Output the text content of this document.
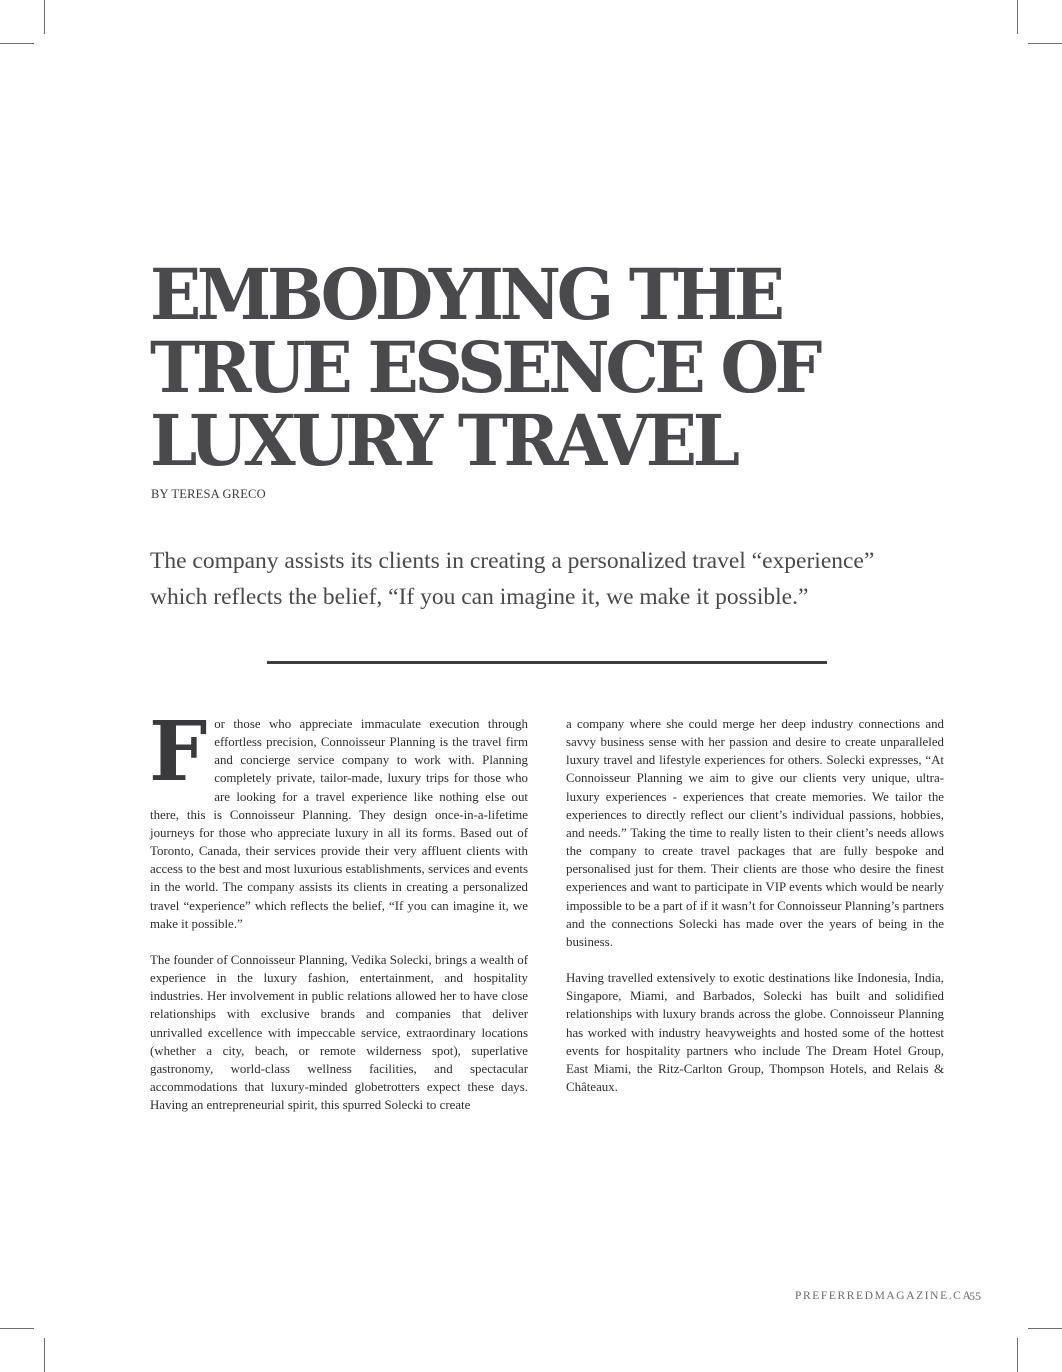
EMBODYING THE
TRUE ESSENCE OF
LUXURY TRAVEL
BY TERESA GRECO

The company assists its clients in creating a personalized travel “experience” which reflects the belief, “If you can imagine it, we make it possible.”

For those who appreciate immaculate execution through effortless precision, Connoisseur Planning is the travel firm and concierge service company to work with. Planning completely private, tailor-made, luxury trips for those who are looking for a travel experience like nothing else out there, this is Connoisseur Planning. They design once-in-a-lifetime journeys for those who appreciate luxury in all its forms. Based out of Toronto, Canada, their services provide their very affluent clients with access to the best and most luxurious establishments, services and events in the world. The company assists its clients in creating a personalized travel “experience” which reflects the belief, “If you can imagine it, we make it possible.”

The founder of Connoisseur Planning, Vedika Solecki, brings a wealth of experience in the luxury fashion, entertainment, and hospitality industries. Her involvement in public relations allowed her to have close relationships with exclusive brands and companies that deliver unrivalled excellence with impeccable service, extraordinary locations (whether a city, beach, or remote wilderness spot), superlative gastronomy, world-class wellness facilities, and spectacular accommodations that luxury-minded globetrotters expect these days. Having an entrepreneurial spirit, this spurred Solecki to create

a company where she could merge her deep industry connections and savvy business sense with her passion and desire to create unparalleled luxury travel and lifestyle experiences for others. Solecki expresses, “At Connoisseur Planning we aim to give our clients very unique, ultra-luxury experiences - experiences that create memories. We tailor the experiences to directly reflect our client’s individual passions, hobbies, and needs.” Taking the time to really listen to their client’s needs allows the company to create travel packages that are fully bespoke and personalised just for them. Their clients are those who desire the finest experiences and want to participate in VIP events which would be nearly impossible to be a part of if it wasn’t for Connoisseur Planning’s partners and the connections Solecki has made over the years of being in the business.

Having travelled extensively to exotic destinations like Indonesia, India, Singapore, Miami, and Barbados, Solecki has built and solidified relationships with luxury brands across the globe. Connoisseur Planning has worked with industry heavyweights and hosted some of the hottest events for hospitality partners who include The Dream Hotel Group, East Miami, the Ritz-Carlton Group, Thompson Hotels, and Relais & Châteaux.

PREFERREDMAGAZINE.CA
55
